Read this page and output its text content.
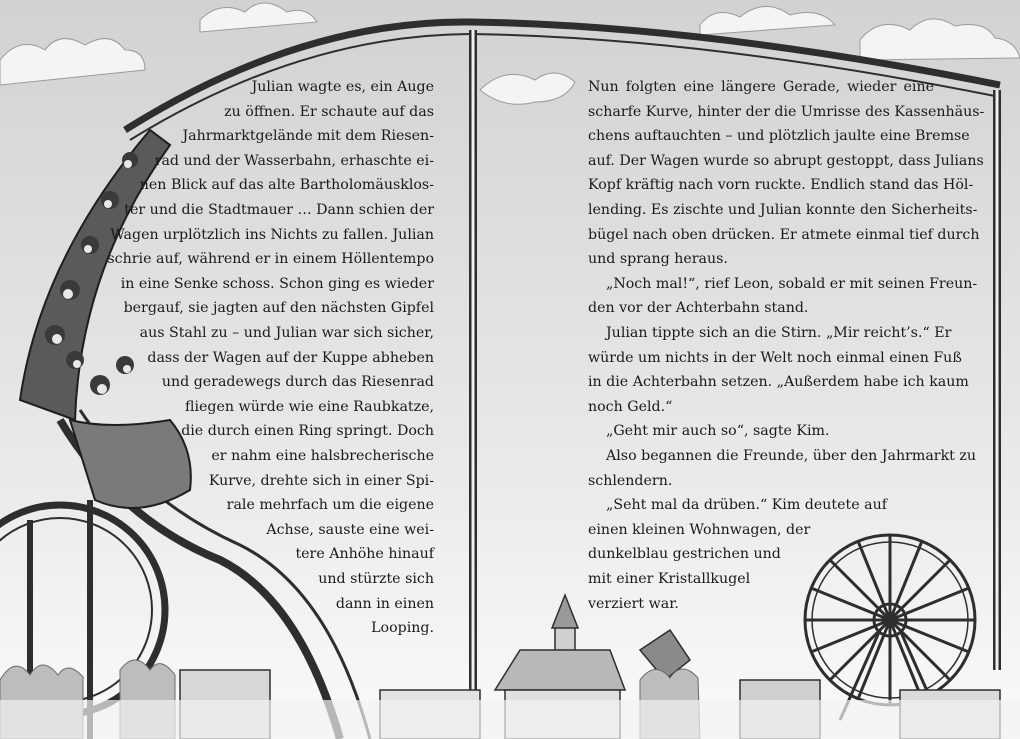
Julian wagte es, ein Auge
zu öffnen. Er schaute auf das
Jahrmarktgelände mit dem Riesen-
rad und der Wasserbahn, erhaschte ei-
nen Blick auf das alte Bartholomäusklos-
ter und die Stadtmauer … Dann schien der
Wagen urplötzlich ins Nichts zu fallen. Julian
schrie auf, während er in einem Höllentempo
in eine Senke schoss. Schon ging es wieder
bergauf, sie jagten auf den nächsten Gipfel
aus Stahl zu – und Julian war sich sicher,
dass der Wagen auf der Kuppe abheben
und geradewegs durch das Riesenrad
fliegen würde wie eine Raubkatze,
die durch einen Ring springt. Doch
er nahm eine halsbrecherische
Kurve, drehte sich in einer Spi-
rale mehrfach um die eigene
Achse, sauste eine wei-
tere Anhöhe hinauf
und stürzte sich
dann in einen
Looping.
Nun folgten eine längere Gerade, wieder eine
scharfe Kurve, hinter der die Umrisse des Kassenhäus-
chens auftauchten – und plötzlich jaulte eine Bremse
auf. Der Wagen wurde so abrupt gestoppt, dass Julians
Kopf kräftig nach vorn ruckte. Endlich stand das Höl-
lending. Es zischte und Julian konnte den Sicherheits-
bügel nach oben drücken. Er atmete einmal tief durch
und sprang heraus.
„Noch mal!“, rief Leon, sobald er mit seinen Freun-
den vor der Achterbahn stand.
Julian tippte sich an die Stirn. „Mir reicht’s.“ Er
würde um nichts in der Welt noch einmal einen Fuß
in die Achterbahn setzen. „Außerdem habe ich kaum
noch Geld.“
„Geht mir auch so“, sagte Kim.
Also begannen die Freunde, über den Jahrmarkt zu
schlendern.
„Seht mal da drüben.“ Kim deutete auf
einen kleinen Wohnwagen, der
dunkelblau gestrichen und
mit einer Kristallkugel
verziert war.
